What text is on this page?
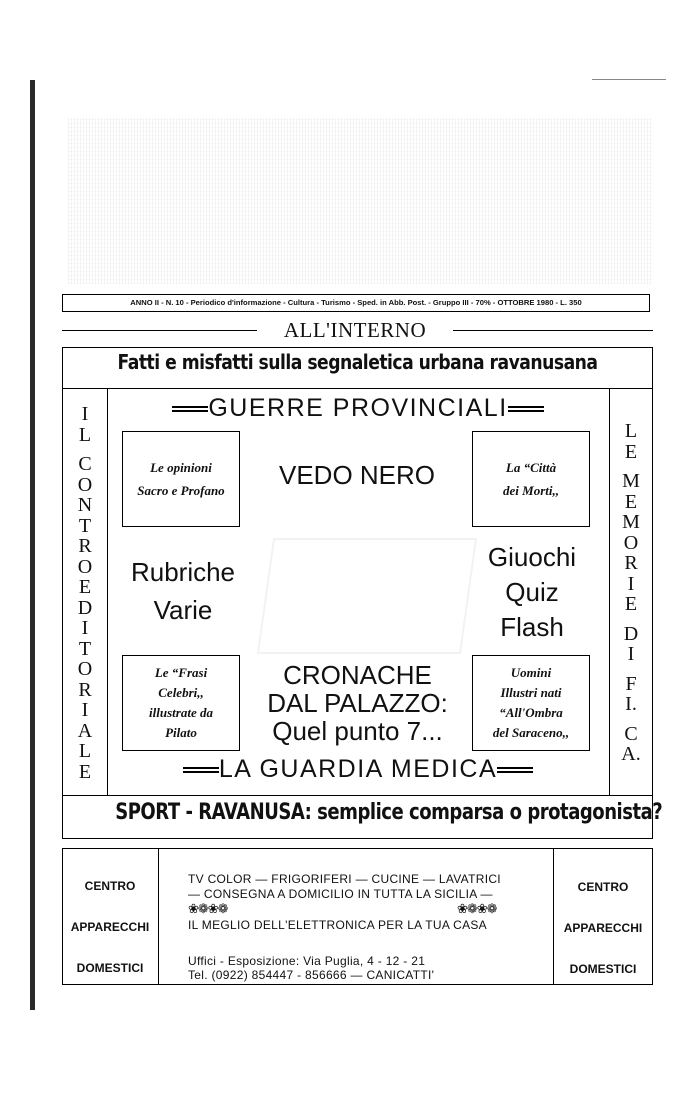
ANNO II - N. 10 - Periodico d'informazione - Cultura - Turismo - Sped. in Abb. Post. - Gruppo III - 70% - OTTOBRE 1980 - L. 350
ALL'INTERNO
Fatti e misfatti sulla segnaletica urbana ravanusana
I
L
C
O
N
T
R
O
E
D
I
T
O
R
I
A
L
E
L
E
M
E
M
O
R
I
E
D
I
F
I.
C
A.
GUERRE PROVINCIALI
Le opinioni
Sacro e Profano
La “Città
dei Morti,,
VEDO NERO
Rubriche
Varie
Giuochi
Quiz
Flash
Le “Frasi
Celebri,,
illustrate da
Pilato
Uomini
Illustri nati
“All'Ombra
del Saraceno,,
CRONACHE
DAL PALAZZO:
Quel punto 7...
LA GUARDIA MEDICA
SPORT - RAVANUSA: semplice comparsa o protagonista?
CENTRO
APPARECCHI
DOMESTICI
CENTRO
APPARECCHI
DOMESTICI
TV COLOR — FRIGORIFERI — CUCINE — LAVATRICI
— CONSEGNA A DOMICILIO IN TUTTA LA SICILIA —
❀❁❀❁	❀❁❀❁
IL MEGLIO DELL'ELETTRONICA PER LA TUA CASA
Uffici - Esposizione: Via Puglia, 4 - 12 - 21
Tel. (0922) 854447 - 856666 — CANICATTI'
